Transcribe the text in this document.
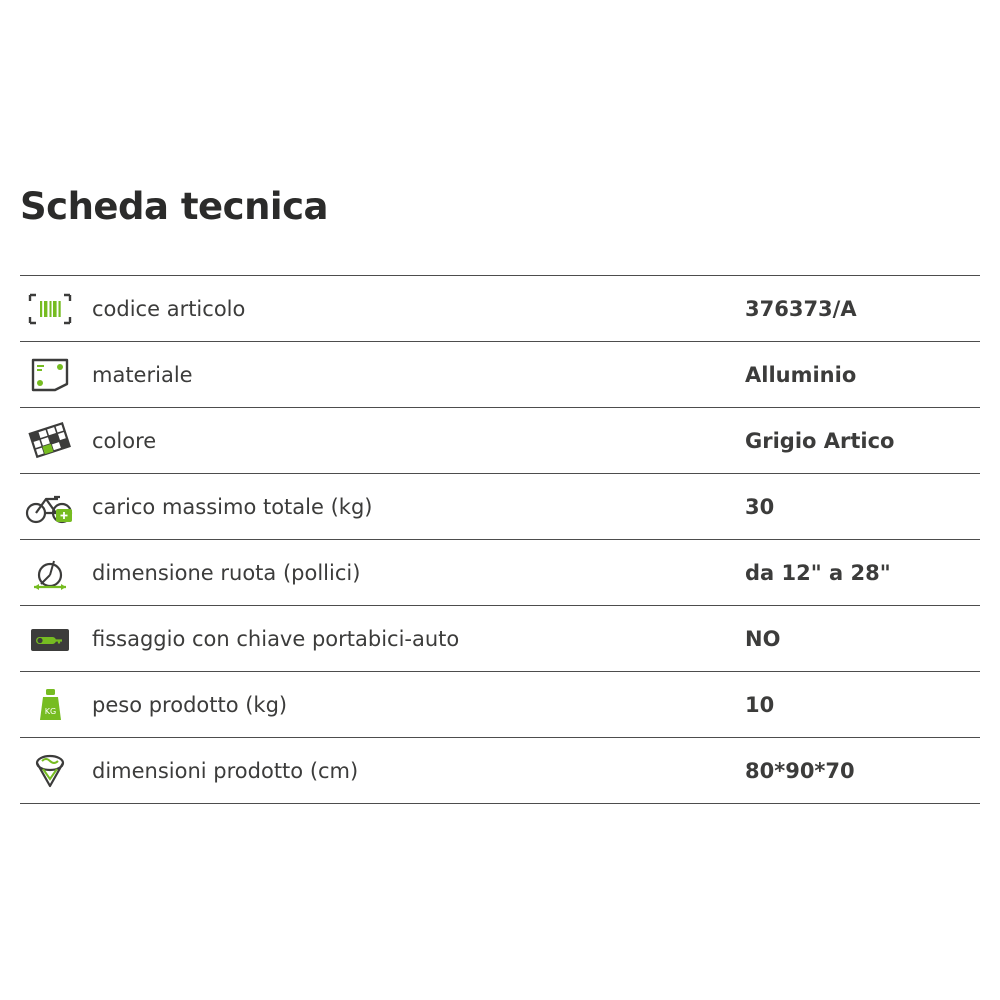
Scheda tecnica
	codice articolo	376373/A

	materiale	Alluminio

	colore	Grigio Artico

	carico massimo totale (kg)	30

	dimensione ruota (pollici)	da 12" a 28"

	fissaggio con chiave portabici-auto	NO

KG	peso prodotto (kg)	10

	dimensioni prodotto (cm)	80*90*70
